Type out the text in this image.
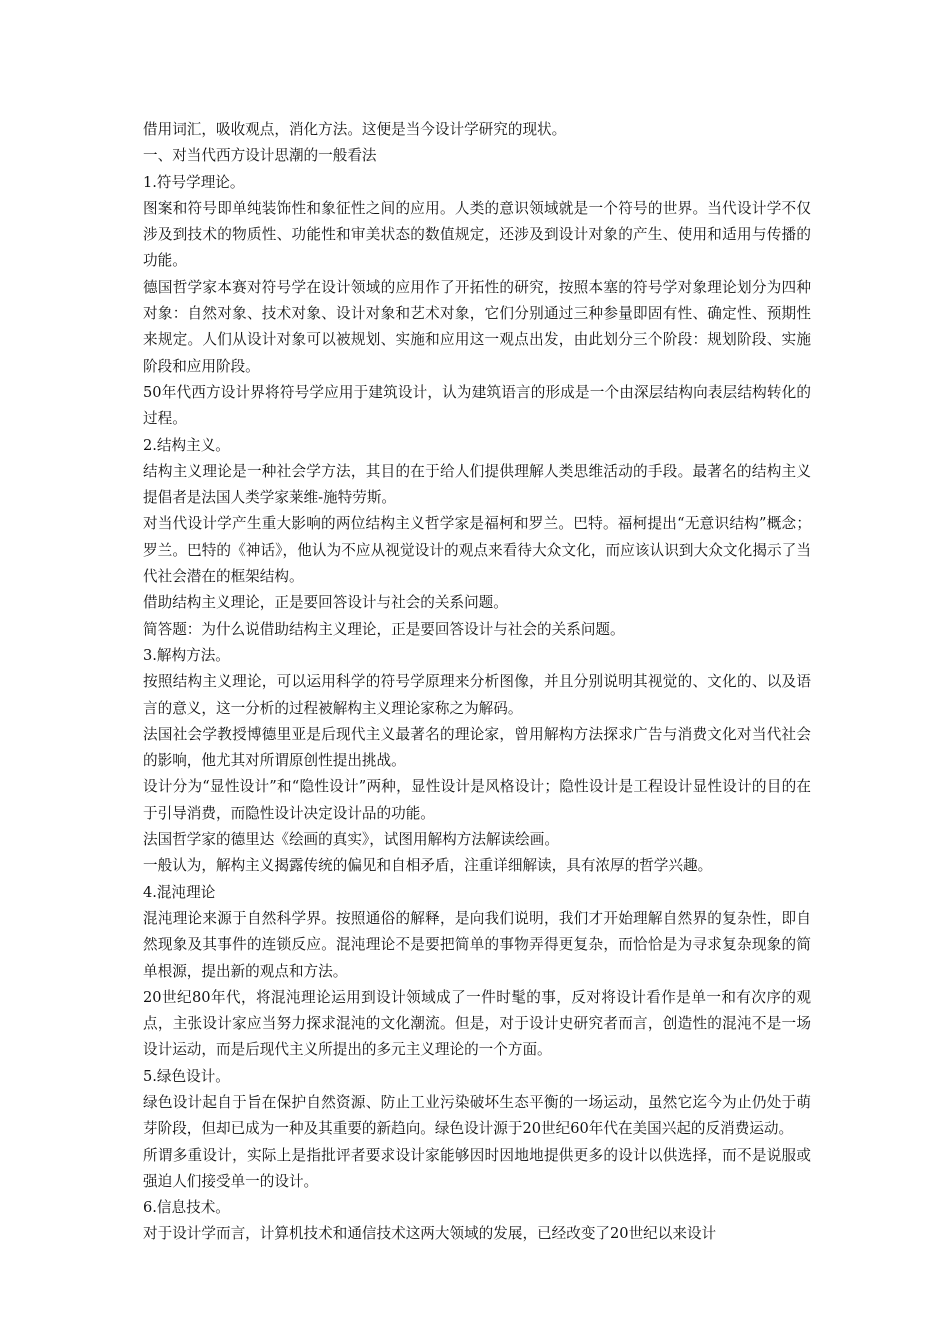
借用词汇，吸收观点，消化方法。这便是当今设计学研究的现状。

一、对当代西方设计思潮的一般看法

1.符号学理论。

图案和符号即单纯装饰性和象征性之间的应用。人类的意识领域就是一个符号的世界。当代设计学不仅涉及到技术的物质性、功能性和审美状态的数值规定，还涉及到设计对象的产生、使用和适用与传播的功能。

德国哲学家本赛对符号学在设计领域的应用作了开拓性的研究，按照本塞的符号学对象理论划分为四种对象：自然对象、技术对象、设计对象和艺术对象，它们分别通过三种参量即固有性、确定性、预期性来规定。人们从设计对象可以被规划、实施和应用这一观点出发，由此划分三个阶段：规划阶段、实施阶段和应用阶段。

50年代西方设计界将符号学应用于建筑设计，认为建筑语言的形成是一个由深层结构向表层结构转化的过程。

2.结构主义。

结构主义理论是一种社会学方法，其目的在于给人们提供理解人类思维活动的手段。最著名的结构主义提倡者是法国人类学家莱维-施特劳斯。

对当代设计学产生重大影响的两位结构主义哲学家是福柯和罗兰。巴特。福柯提出“无意识结构”概念；罗兰。巴特的《神话》，他认为不应从视觉设计的观点来看待大众文化，而应该认识到大众文化揭示了当代社会潜在的框架结构。

借助结构主义理论，正是要回答设计与社会的关系问题。

简答题：为什么说借助结构主义理论，正是要回答设计与社会的关系问题。

3.解构方法。

按照结构主义理论，可以运用科学的符号学原理来分析图像，并且分别说明其视觉的、文化的、以及语言的意义，这一分析的过程被解构主义理论家称之为解码。

法国社会学教授博德里亚是后现代主义最著名的理论家，曾用解构方法探求广告与消费文化对当代社会的影响，他尤其对所谓原创性提出挑战。

设计分为“显性设计”和“隐性设计”两种，显性设计是风格设计；隐性设计是工程设计显性设计的目的在于引导消费，而隐性设计决定设计品的功能。

法国哲学家的德里达《绘画的真实》，试图用解构方法解读绘画。

一般认为，解构主义揭露传统的偏见和自相矛盾，注重详细解读，具有浓厚的哲学兴趣。

4.混沌理论

混沌理论来源于自然科学界。按照通俗的解释，是向我们说明，我们才开始理解自然界的复杂性，即自然现象及其事件的连锁反应。混沌理论不是要把简单的事物弄得更复杂，而恰恰是为寻求复杂现象的简单根源，提出新的观点和方法。

20世纪80年代，将混沌理论运用到设计领域成了一件时髦的事，反对将设计看作是单一和有次序的观点，主张设计家应当努力探求混沌的文化潮流。但是，对于设计史研究者而言，创造性的混沌不是一场设计运动，而是后现代主义所提出的多元主义理论的一个方面。

5.绿色设计。

绿色设计起自于旨在保护自然资源、防止工业污染破坏生态平衡的一场运动，虽然它迄今为止仍处于萌芽阶段，但却已成为一种及其重要的新趋向。绿色设计源于20世纪60年代在美国兴起的反消费运动。

所谓多重设计，实际上是指批评者要求设计家能够因时因地地提供更多的设计以供选择，而不是说服或强迫人们接受单一的设计。

6.信息技术。

对于设计学而言，计算机技术和通信技术这两大领域的发展，已经改变了20世纪以来设计
